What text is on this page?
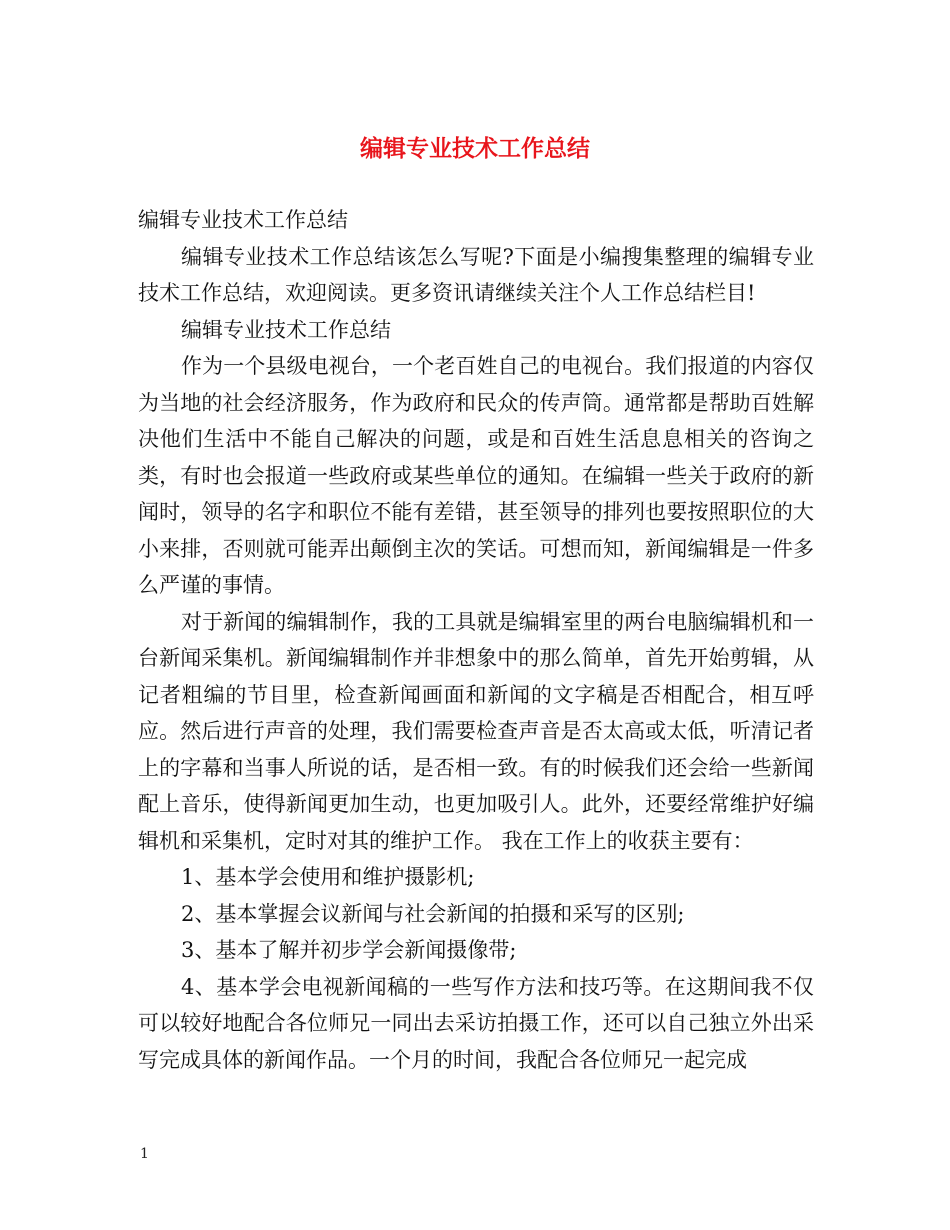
编辑专业技术工作总结

编辑专业技术工作总结

编辑专业技术工作总结该怎么写呢?下面是小编搜集整理的编辑专业技术工作总结，欢迎阅读。更多资讯请继续关注个人工作总结栏目!

编辑专业技术工作总结

作为一个县级电视台，一个老百姓自己的电视台。我们报道的内容仅为当地的社会经济服务，作为政府和民众的传声筒。通常都是帮助百姓解决他们生活中不能自己解决的问题，或是和百姓生活息息相关的咨询之类，有时也会报道一些政府或某些单位的通知。在编辑一些关于政府的新闻时，领导的名字和职位不能有差错，甚至领导的排列也要按照职位的大小来排，否则就可能弄出颠倒主次的笑话。可想而知，新闻编辑是一件多么严谨的事情。

对于新闻的编辑制作，我的工具就是编辑室里的两台电脑编辑机和一台新闻采集机。新闻编辑制作并非想象中的那么简单，首先开始剪辑，从记者粗编的节目里，检查新闻画面和新闻的文字稿是否相配合，相互呼应。然后进行声音的处理，我们需要检查声音是否太高或太低，听清记者上的字幕和当事人所说的话，是否相一致。有的时候我们还会给一些新闻配上音乐，使得新闻更加生动，也更加吸引人。此外，还要经常维护好编辑机和采集机，定时对其的维护工作。 我在工作上的收获主要有：

1、基本学会使用和维护摄影机;

2、基本掌握会议新闻与社会新闻的拍摄和采写的区别;

3、基本了解并初步学会新闻摄像带;

4、基本学会电视新闻稿的一些写作方法和技巧等。在这期间我不仅可以较好地配合各位师兄一同出去采访拍摄工作，还可以自己独立外出采写完成具体的新闻作品。一个月的时间，我配合各位师兄一起完成

1
